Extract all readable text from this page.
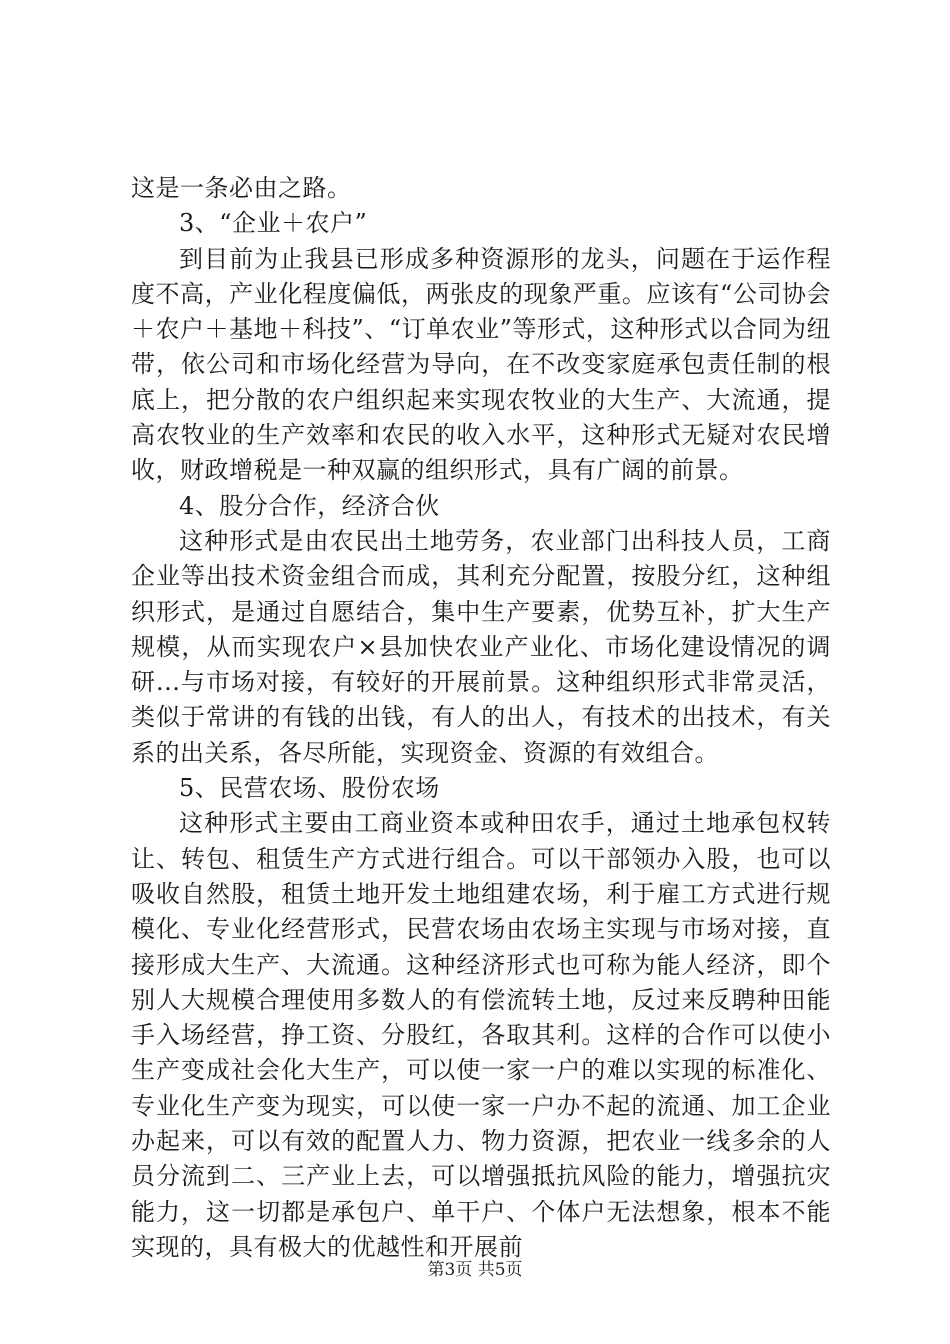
这是一条必由之路。

3、“企业＋农户”

到目前为止我县已形成多种资源形的龙头，问题在于运作程度不高，产业化程度偏低，两张皮的现象严重。应该有“公司协会＋农户＋基地＋科技”、“订单农业”等形式，这种形式以合同为纽带，依公司和市场化经营为导向，在不改变家庭承包责任制的根底上，把分散的农户组织起来实现农牧业的大生产、大流通，提高农牧业的生产效率和农民的收入水平，这种形式无疑对农民增收，财政增税是一种双赢的组织形式，具有广阔的前景。

4、股分合作，经济合伙

这种形式是由农民出土地劳务，农业部门出科技人员，工商企业等出技术资金组合而成，其利充分配置，按股分红，这种组织形式，是通过自愿结合，集中生产要素，优势互补，扩大生产规模，从而实现农户×县加快农业产业化、市场化建设情况的调研...与市场对接，有较好的开展前景。这种组织形式非常灵活，类似于常讲的有钱的出钱，有人的出人，有技术的出技术，有关系的出关系，各尽所能，实现资金、资源的有效组合。

5、民营农场、股份农场

这种形式主要由工商业资本或种田农手，通过土地承包权转让、转包、租赁生产方式进行组合。可以干部领办入股，也可以吸收自然股，租赁土地开发土地组建农场，利于雇工方式进行规模化、专业化经营形式，民营农场由农场主实现与市场对接，直接形成大生产、大流通。这种经济形式也可称为能人经济，即个别人大规模合理使用多数人的有偿流转土地，反过来反聘种田能手入场经营，挣工资、分股红，各取其利。这样的合作可以使小生产变成社会化大生产，可以使一家一户的难以实现的标准化、专业化生产变为现实，可以使一家一户办不起的流通、加工企业办起来，可以有效的配置人力、物力资源，把农业一线多余的人员分流到二、三产业上去，可以增强抵抗风险的能力，增强抗灾能力，这一切都是承包户、单干户、个体户无法想象，根本不能实现的，具有极大的优越性和开展前

第3页 共5页
